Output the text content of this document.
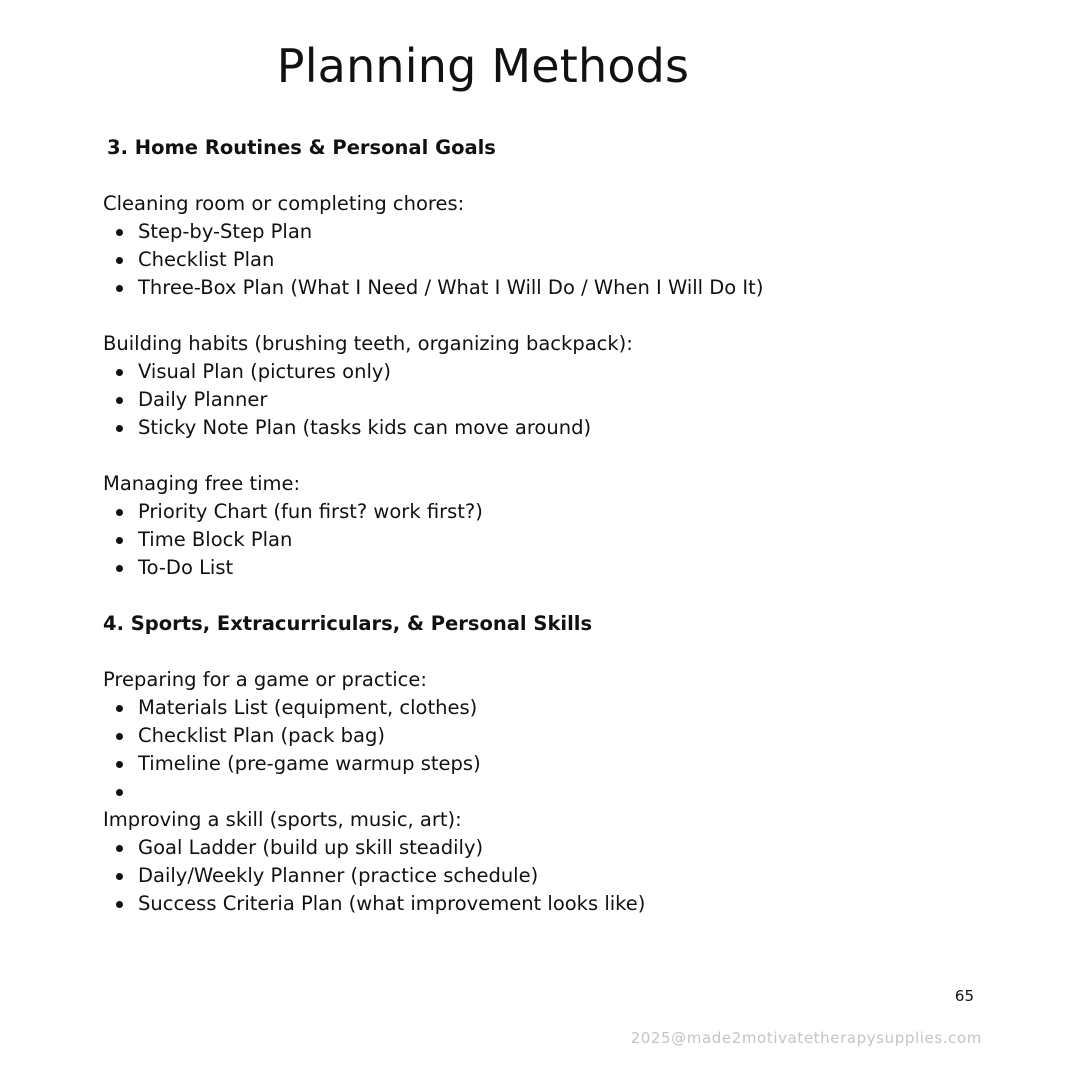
Planning Methods

3. Home Routines & Personal Goals

Cleaning room or completing chores:

Step-by-Step Plan
Checklist Plan
Three-Box Plan (What I Need / What I Will Do / When I Will Do It)

Building habits (brushing teeth, organizing backpack):

Visual Plan (pictures only)
Daily Planner
Sticky Note Plan (tasks kids can move around)

Managing free time:

Priority Chart (fun first? work first?)
Time Block Plan
To-Do List

4. Sports, Extracurriculars, & Personal Skills

Preparing for a game or practice:

Materials List (equipment, clothes)
Checklist Plan (pack bag)
Timeline (pre-game warmup steps)

Improving a skill (sports, music, art):

Goal Ladder (build up skill steadily)
Daily/Weekly Planner (practice schedule)
Success Criteria Plan (what improvement looks like)
65
2025@made2motivatetherapysupplies.com
